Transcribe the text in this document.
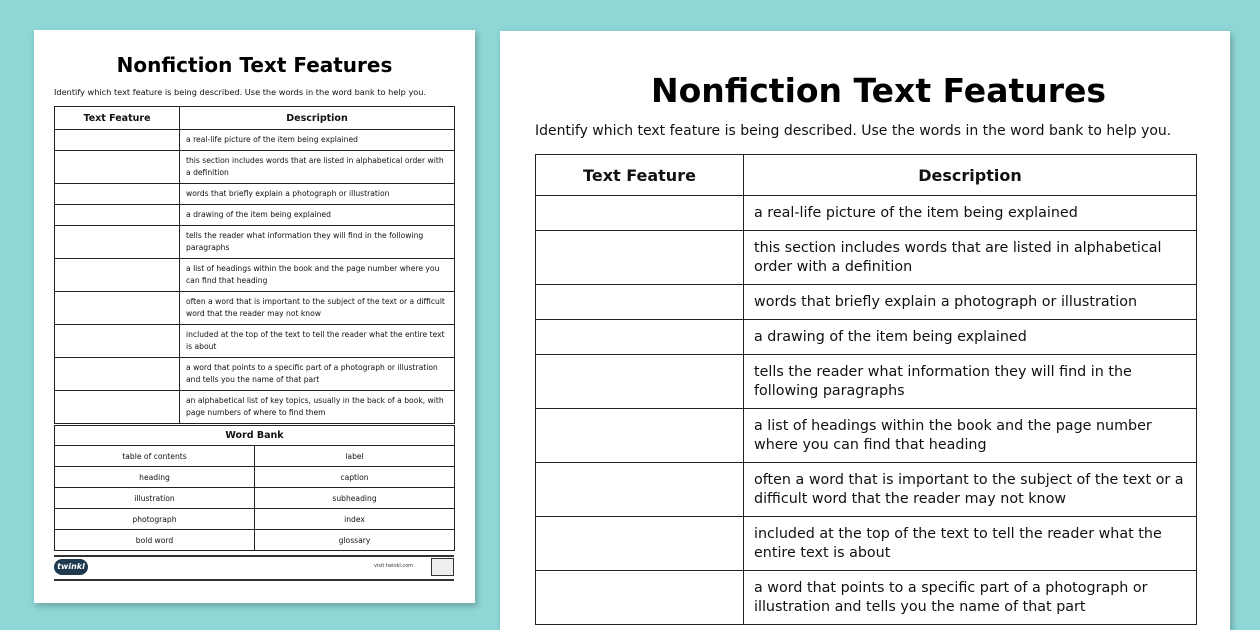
Nonfiction Text Features
Identify which text feature is being described. Use the words in the word bank to help you.
Text Feature	Description
	a real-life picture of the item being explained
	this section includes words that are listed in alphabetical order with a definition
	words that briefly explain a photograph or illustration
	a drawing of the item being explained
	tells the reader what information they will find in the following paragraphs
	a list of headings within the book and the page number where you can find that heading
	often a word that is important to the subject of the text or a difficult word that the reader may not know
	included at the top of the text to tell the reader what the entire text is about
	a word that points to a specific part of a photograph or illustration and tells you the name of that part
	an alphabetical list of key topics, usually in the back of a book, with page numbers of where to find them
Word Bank	
table of contents	label
heading	caption
illustration	subheading
photograph	index
bold word	glossary
twinkl	visit twinkl.com
Nonfiction Text Features
Identify which text feature is being described. Use the words in the word bank to help you.
Text Feature	Description
	a real-life picture of the item being explained
	this section includes words that are listed in alphabetical order with a definition
	words that briefly explain a photograph or illustration
	a drawing of the item being explained
	tells the reader what information they will find in the following paragraphs
	a list of headings within the book and the page number where you can find that heading
	often a word that is important to the subject of the text or a difficult word that the reader may not know
	included at the top of the text to tell the reader what the entire text is about
	a word that points to a specific part of a photograph or illustration and tells you the name of that part
